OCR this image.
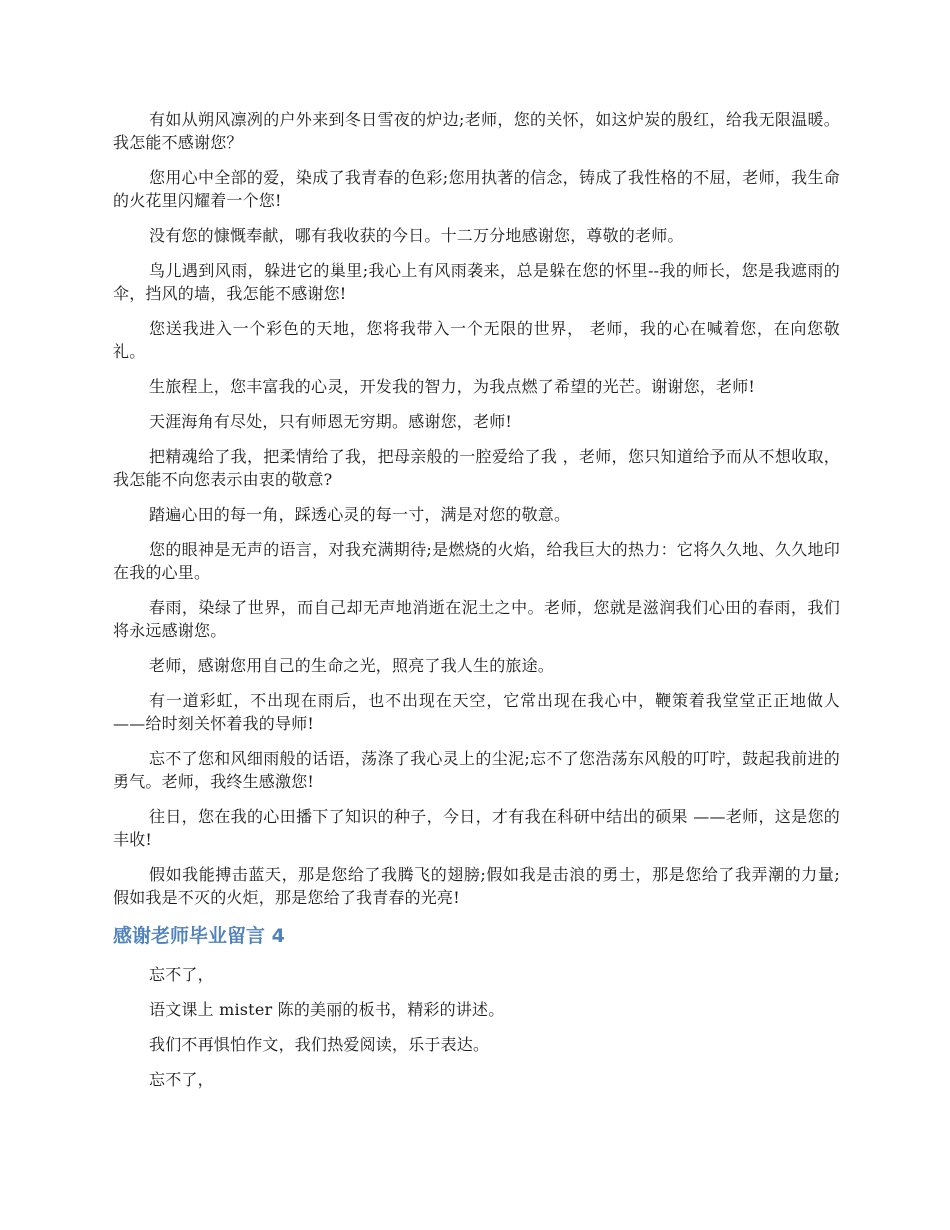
有如从朔风凛冽的户外来到冬日雪夜的炉边;老师，您的关怀，如这炉炭的殷红，给我无限温暖。我怎能不感谢您？

您用心中全部的爱，染成了我青春的色彩;您用执著的信念，铸成了我性格的不屈，老师，我生命的火花里闪耀着一个您!

没有您的慷慨奉献，哪有我收获的今日。十二万分地感谢您，尊敬的老师。

鸟儿遇到风雨，躲进它的巢里;我心上有风雨袭来，总是躲在您的怀里--我的师长，您是我遮雨的伞，挡风的墙，我怎能不感谢您!

您送我进入一个彩色的天地，您将我带入一个无限的世界， 老师，我的心在喊着您，在向您敬礼。

生旅程上，您丰富我的心灵，开发我的智力，为我点燃了希望的光芒。谢谢您，老师!

天涯海角有尽处，只有师恩无穷期。感谢您，老师!

把精魂给了我，把柔情给了我，把母亲般的一腔爱给了我 ，老师，您只知道给予而从不想收取，我怎能不向您表示由衷的敬意?

踏遍心田的每一角，踩透心灵的每一寸，满是对您的敬意。

您的眼神是无声的语言，对我充满期待;是燃烧的火焰，给我巨大的热力：它将久久地、久久地印在我的心里。

春雨，染绿了世界，而自己却无声地消逝在泥土之中。老师，您就是滋润我们心田的春雨，我们将永远感谢您。

老师，感谢您用自己的生命之光，照亮了我人生的旅途。

有一道彩虹，不出现在雨后，也不出现在天空，它常出现在我心中，鞭策着我堂堂正正地做人 ——给时刻关怀着我的导师!

忘不了您和风细雨般的话语，荡涤了我心灵上的尘泥;忘不了您浩荡东风般的叮咛，鼓起我前进的勇气。老师，我终生感激您!

往日，您在我的心田播下了知识的种子，今日，才有我在科研中结出的硕果 ——老师，这是您的丰收!

假如我能搏击蓝天，那是您给了我腾飞的翅膀;假如我是击浪的勇士，那是您给了我弄潮的力量;假如我是不灭的火炬，那是您给了我青春的光亮!

感谢老师毕业留言 4

忘不了，

语文课上 mister 陈的美丽的板书，精彩的讲述。

我们不再惧怕作文，我们热爱阅读，乐于表达。

忘不了，
